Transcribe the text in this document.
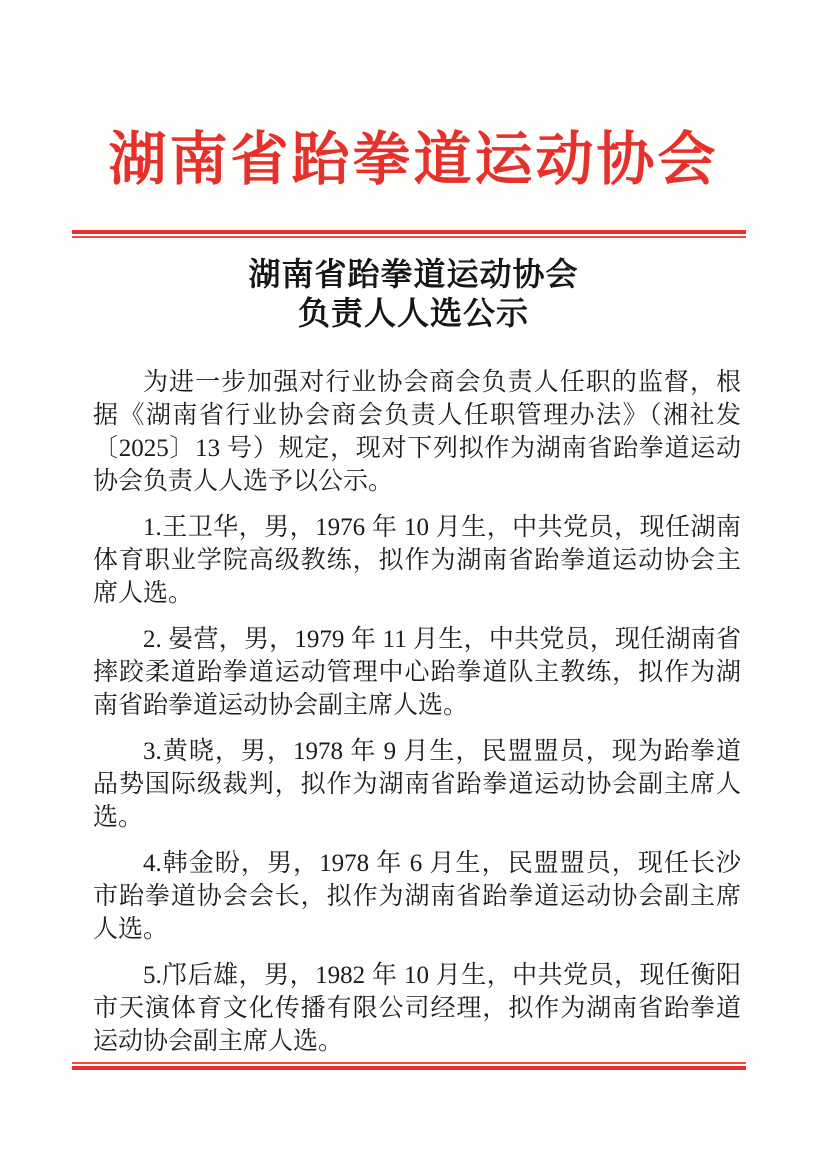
湖南省跆拳道运动协会
湖南省跆拳道运动协会
负责人人选公示

为进一步加强对行业协会商会负责人任职的监督，根据《湖南省行业协会商会负责人任职管理办法》（湘社发〔2025〕13 号）规定，现对下列拟作为湖南省跆拳道运动协会负责人人选予以公示。

1.王卫华，男，1976 年 10 月生，中共党员，现任湖南体育职业学院高级教练，拟作为湖南省跆拳道运动协会主席人选。

2. 晏营，男，1979 年 11 月生，中共党员，现任湖南省摔跤柔道跆拳道运动管理中心跆拳道队主教练，拟作为湖南省跆拳道运动协会副主席人选。

3.黄晓，男，1978 年 9 月生，民盟盟员，现为跆拳道品势国际级裁判，拟作为湖南省跆拳道运动协会副主席人选。

4.韩金盼，男，1978 年 6 月生，民盟盟员，现任长沙市跆拳道协会会长，拟作为湖南省跆拳道运动协会副主席人选。

5.邝后雄，男，1982 年 10 月生，中共党员，现任衡阳市天演体育文化传播有限公司经理，拟作为湖南省跆拳道运动协会副主席人选。
